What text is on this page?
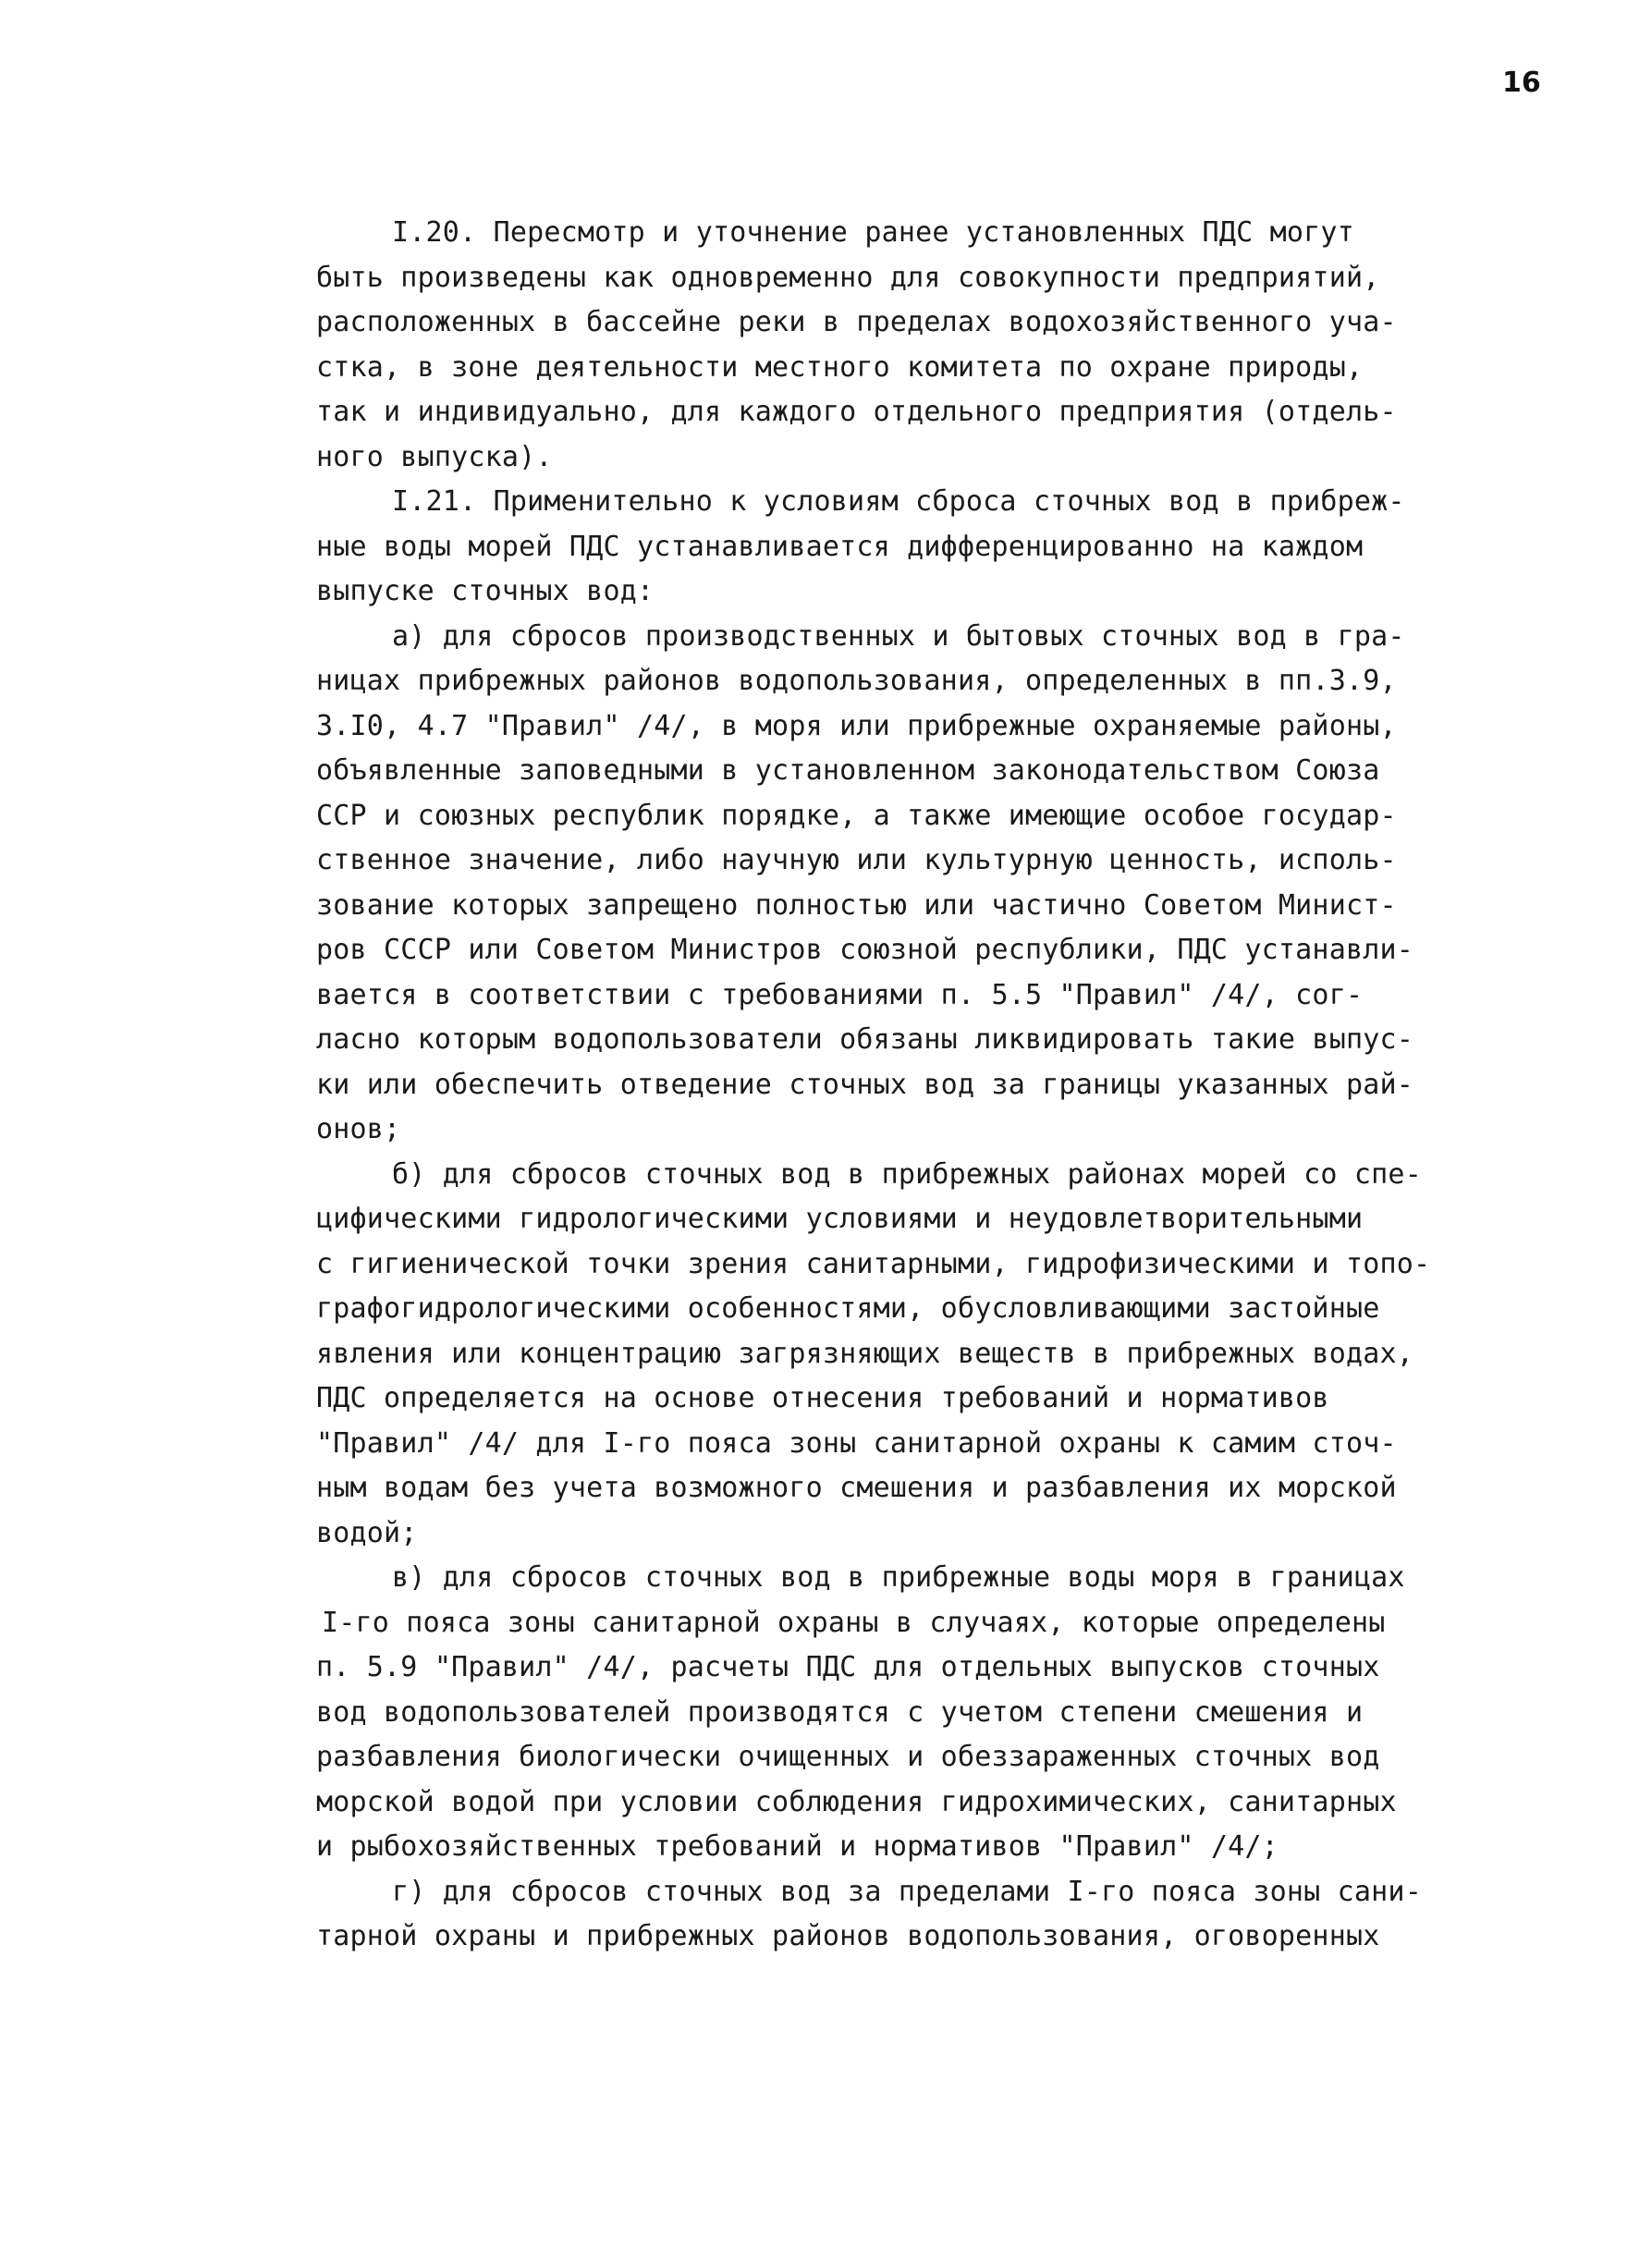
16
I.20. Пересмотр и уточнение ранее установленных ПДС могут
быть произведены как одновременно для совокупности предприятий,
расположенных в бассейне реки в пределах водохозяйственного уча-
стка, в зоне деятельности местного комитета по охране природы,
так и индивидуально, для каждого отдельного предприятия (отдель-
ного выпуска).
I.21. Применительно к условиям сброса сточных вод в прибреж-
ные воды морей ПДС устанавливается дифференцированно на каждом
выпуске сточных вод:
а) для сбросов производственных и бытовых сточных вод в гра-
ницах прибрежных районов водопользования, определенных в пп.3.9,
3.I0, 4.7 "Правил" /4/, в моря или прибрежные охраняемые районы,
объявленные заповедными в установленном законодательством Союза
ССР и союзных республик порядке, а также имеющие особое государ-
ственное значение, либо научную или культурную ценность, исполь-
зование которых запрещено полностью или частично Советом Минист-
ров СССР или Советом Министров союзной республики, ПДС устанавли-
вается в соответствии с требованиями п. 5.5 "Правил" /4/, сог-
ласно которым водопользователи обязаны ликвидировать такие выпус-
ки или обеспечить отведение сточных вод за границы указанных рай-
онов;
б) для сбросов сточных вод в прибрежных районах морей со спе-
цифическими гидрологическими условиями и неудовлетворительными
с гигиенической точки зрения санитарными, гидрофизическими и топо-
графогидрологическими особенностями, обусловливающими застойные
явления или концентрацию загрязняющих веществ в прибрежных водах,
ПДС определяется на основе отнесения требований и нормативов
"Правил" /4/ для I-го пояса зоны санитарной охраны к самим сточ-
ным водам без учета возможного смешения и разбавления их морской
водой;
в) для сбросов сточных вод в прибрежные воды моря в границах
I-го пояса зоны санитарной охраны в случаях, которые определены
п. 5.9 "Правил" /4/, расчеты ПДС для отдельных выпусков сточных
вод водопользователей производятся с учетом степени смешения и
разбавления биологически очищенных и обеззараженных сточных вод
морской водой при условии соблюдения гидрохимических, санитарных
и рыбохозяйственных требований и нормативов "Правил" /4/;
г) для сбросов сточных вод за пределами I-го пояса зоны сани-
тарной охраны и прибрежных районов водопользования, оговоренных
